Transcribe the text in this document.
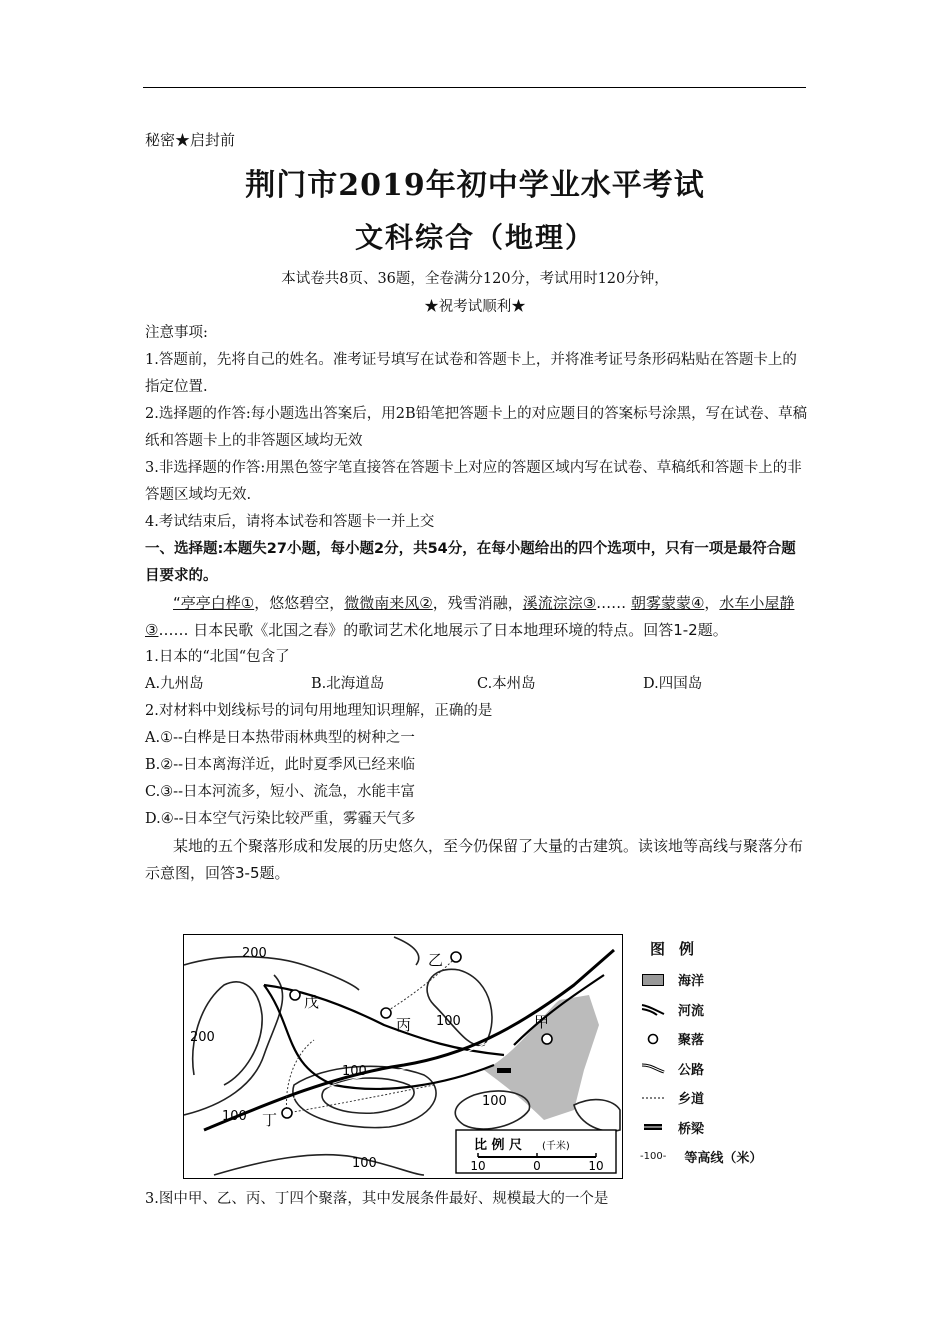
秘密★启封前
荆门市2019年初中学业水平考试
文科综合（地理）
本试卷共8页、36题，全卷满分120分，考试用时120分钟，
★祝考试顺利★
注意事项:
1.答题前，先将自己的姓名。准考证号填写在试卷和答题卡上，并将准考证号条形码粘贴在答题卡上的指定位置.
2.选择题的作答:每小题选出答案后，用2B铅笔把答题卡上的对应题目的答案标号涂黑，写在试卷、草稿纸和答题卡上的非答题区域均无效
3.非选择题的作答:用黑色签字笔直接答在答题卡上对应的答题区域内写在试卷、草稿纸和答题卡上的非答题区域均无效.
4.考试结束后，请将本试卷和答题卡一并上交
一、选择题:本题失27小题，每小题2分，共54分，在每小题给出的四个选项中，只有一项是最符合题目要求的。
“亭亭白桦①，悠悠碧空，微微南来风②，残雪消融，溪流淙淙③…… 朝雾蒙蒙④，水车小屋静③…… 日本民歌《北国之春》的歌词艺术化地展示了日本地理环境的特点。回答1-2题。
1.日本的“北国“包含了
A.九州岛	B.北海道岛	C.本州岛	D.四国岛
2.对材料中划线标号的词句用地理知识理解，正确的是
A.①--白桦是日本热带雨林典型的树种之一
B.②--日本离海洋近，此时夏季风已经来临
C.③--日本河流多，短小、流急，水能丰富
D.④--日本空气污染比较严重，雾霾天气多
某地的五个聚落形成和发展的历史悠久，至今仍保留了大量的古建筑。读该地等高线与聚落分布示意图，回答3-5题。
200
200
100
100
100
100
100
乙
戊
丙	甲
丁
比 例 尺 (千米)
10	0	10
图例
海洋
河流
聚落
公路
乡道
桥梁
-100- 等高线（米）
3.图中甲、乙、丙、丁四个聚落，其中发展条件最好、规模最大的一个是
